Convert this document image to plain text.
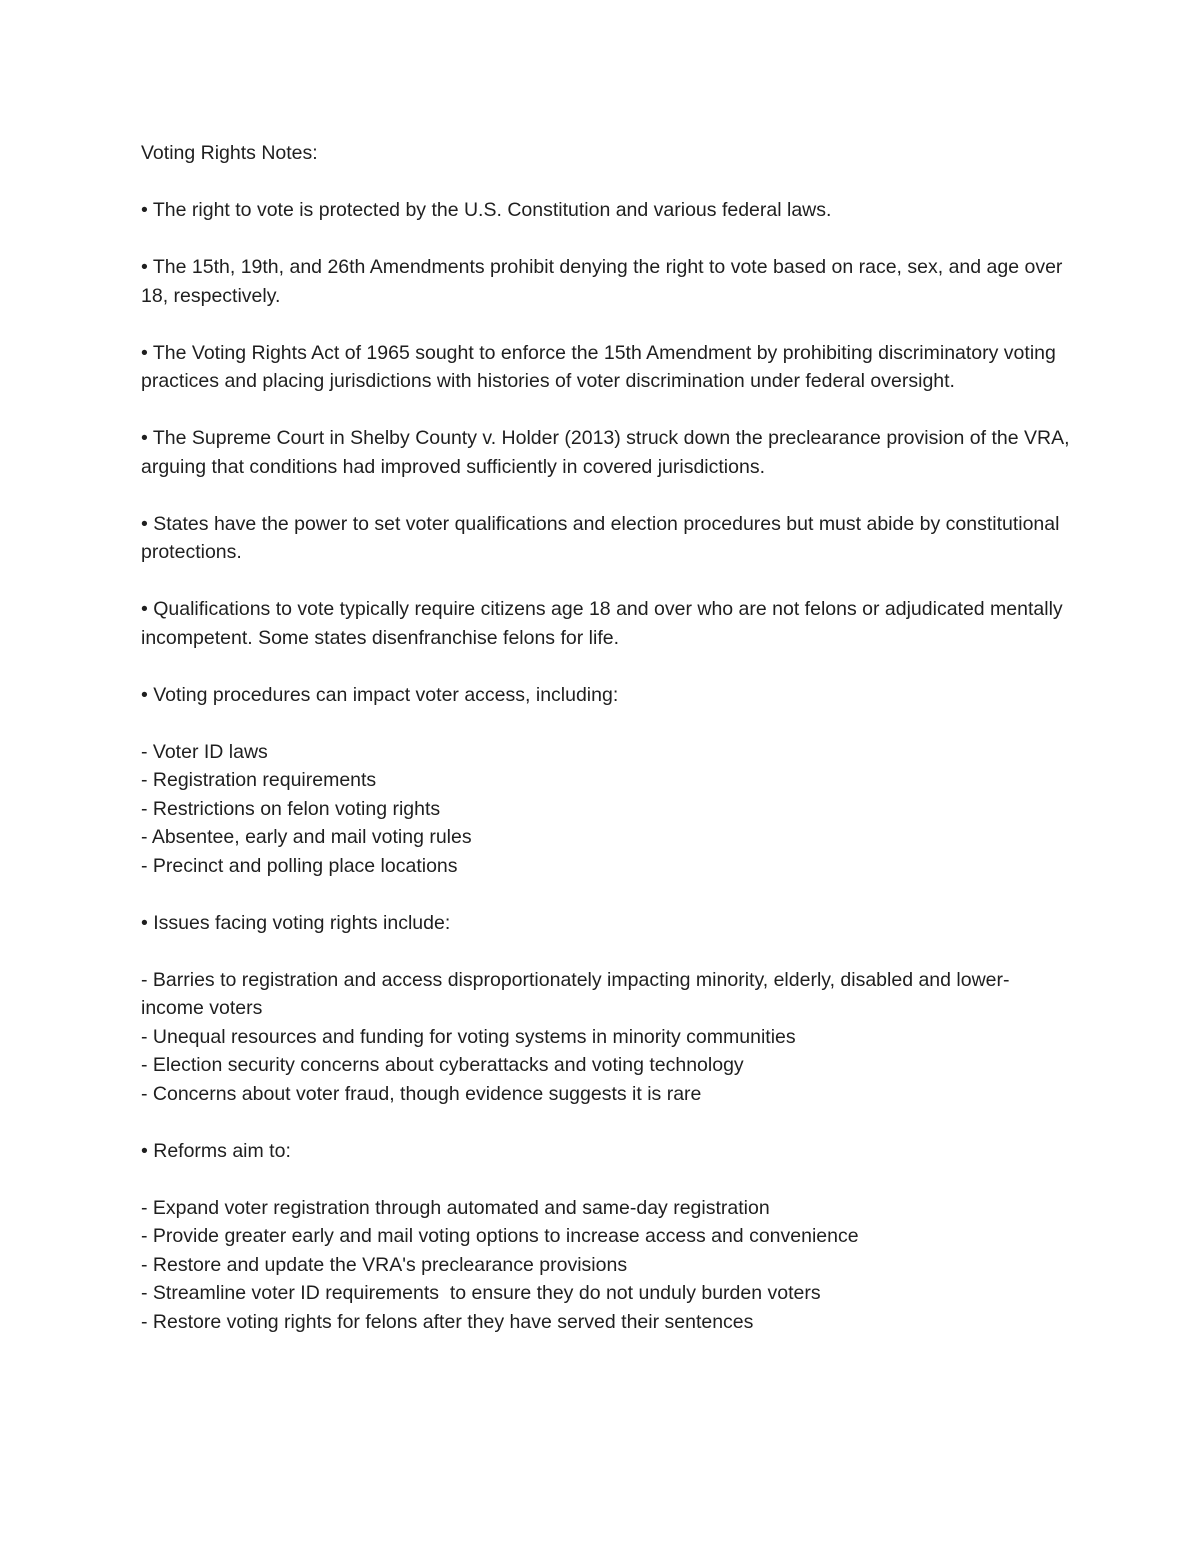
Voting Rights Notes:

• The right to vote is protected by the U.S. Constitution and various federal laws.

• The 15th, 19th, and 26th Amendments prohibit denying the right to vote based on race, sex, and age over 18, respectively.

• The Voting Rights Act of 1965 sought to enforce the 15th Amendment by prohibiting discriminatory voting practices and placing jurisdictions with histories of voter discrimination under federal oversight.

• The Supreme Court in Shelby County v. Holder (2013) struck down the preclearance provision of the VRA, arguing that conditions had improved sufficiently in covered jurisdictions.

• States have the power to set voter qualifications and election procedures but must abide by constitutional protections.

• Qualifications to vote typically require citizens age 18 and over who are not felons or adjudicated mentally incompetent. Some states disenfranchise felons for life.

• Voting procedures can impact voter access, including:

- Voter ID laws

- Registration requirements

- Restrictions on felon voting rights

- Absentee, early and mail voting rules

- Precinct and polling place locations

• Issues facing voting rights include:

- Barries to registration and access disproportionately impacting minority, elderly, disabled and lower-income voters

- Unequal resources and funding for voting systems in minority communities

- Election security concerns about cyberattacks and voting technology

- Concerns about voter fraud, though evidence suggests it is rare

• Reforms aim to:

- Expand voter registration through automated and same-day registration

- Provide greater early and mail voting options to increase access and convenience

- Restore and update the VRA's preclearance provisions

- Streamline voter ID requirements  to ensure they do not unduly burden voters

- Restore voting rights for felons after they have served their sentences
